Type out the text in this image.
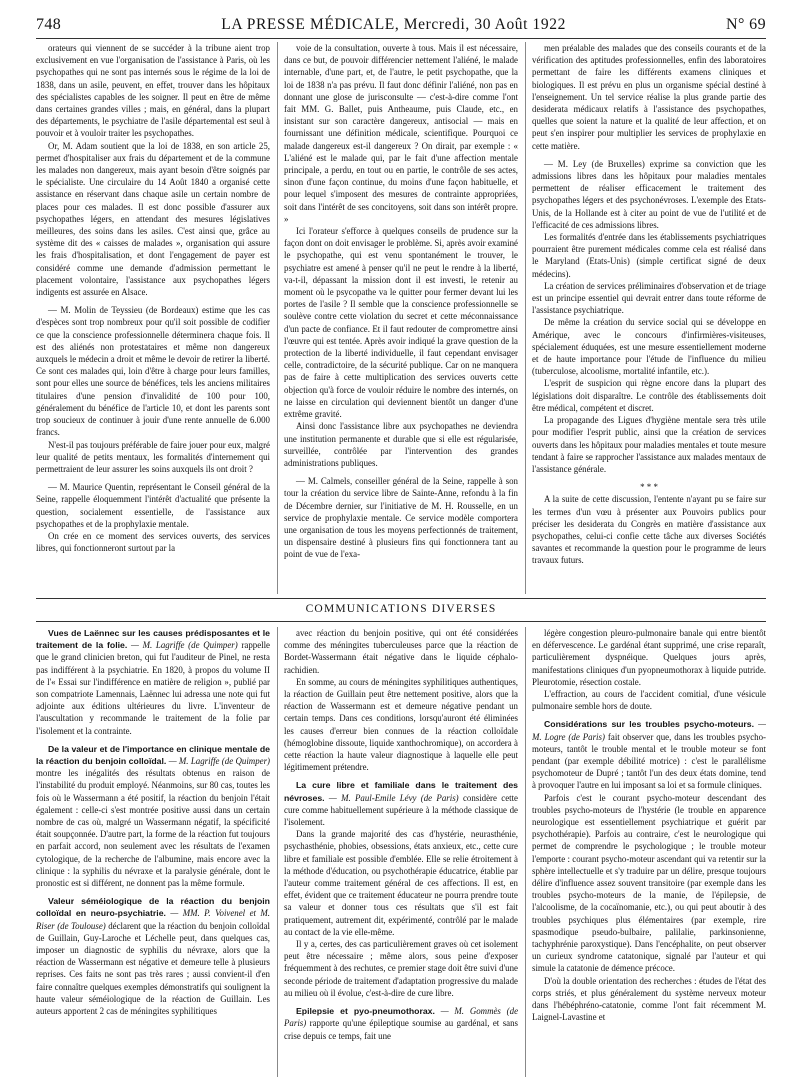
748	LA PRESSE MÉDICALE, Mercredi, 30 Août 1922	N° 69

orateurs qui viennent de se succéder à la tribune aient trop exclusivement en vue l'organisation de l'assistance à Paris, où les psychopathes qui ne sont pas internés sous le régime de la loi de 1838, dans un asile, peuvent, en effet, trouver dans les hôpitaux des spécialistes capables de les soigner. Il peut en être de même dans certaines grandes villes ; mais, en général, dans la plupart des départements, le psychiatre de l'asile départemental est seul à pouvoir et à vouloir traiter les psychopathes.

Or, M. Adam soutient que la loi de 1838, en son article 25, permet d'hospitaliser aux frais du département et de la commune les malades non dangereux, mais ayant besoin d'être soignés par le spécialiste. Une circulaire du 14 Août 1840 a organisé cette assistance en réservant dans chaque asile un certain nombre de places pour ces malades. Il est donc possible d'assurer aux psychopathes légers, en attendant des mesures législatives meilleures, des soins dans les asiles. C'est ainsi que, grâce au système dit des « caisses de malades », organisation qui assure les frais d'hospitalisation, et dont l'engagement de payer est considéré comme une demande d'admission permettant le placement volontaire, l'assistance aux psychopathes légers indigents est assurée en Alsace.

— M. Molin de Teyssieu (de Bordeaux) estime que les cas d'espèces sont trop nombreux pour qu'il soit possible de codifier ce que la conscience professionnelle déterminera chaque fois. Il est des aliénés non protestataires et même non dangereux auxquels le médecin a droit et même le devoir de retirer la liberté. Ce sont ces malades qui, loin d'être à charge pour leurs familles, sont pour elles une source de bénéfices, tels les anciens militaires titulaires d'une pension d'invalidité de 100 pour 100, généralement du bénéfice de l'article 10, et dont les parents sont trop soucieux de continuer à jouir d'une rente annuelle de 6.000 francs.

N'est-il pas toujours préférable de faire jouer pour eux, malgré leur qualité de petits mentaux, les formalités d'internement qui permettraient de leur assurer les soins auxquels ils ont droit ?

— M. Maurice Quentin, représentant le Conseil général de la Seine, rappelle éloquemment l'intérêt d'actualité que présente la question, socialement essentielle, de l'assistance aux psychopathes et de la prophylaxie mentale.

On crée en ce moment des services ouverts, des services libres, qui fonctionneront surtout par la

voie de la consultation, ouverte à tous. Mais il est nécessaire, dans ce but, de pouvoir différencier nettement l'aliéné, le malade internable, d'une part, et, de l'autre, le petit psychopathe, que la loi de 1838 n'a pas prévu. Il faut donc définir l'aliéné, non pas en donnant une glose de jurisconsulte — c'est-à-dire comme l'ont fait MM. G. Ballet, puis Antheaume, puis Claude, etc., en insistant sur son caractère dangereux, antisocial — mais en fournissant une définition médicale, scientifique. Pourquoi ce malade dangereux est-il dangereux ? On dirait, par exemple : « L'aliéné est le malade qui, par le fait d'une affection mentale principale, a perdu, en tout ou en partie, le contrôle de ses actes, sinon d'une façon continue, du moins d'une façon habituelle, et pour lequel s'imposent des mesures de contrainte appropriées, soit dans l'intérêt de ses concitoyens, soit dans son intérêt propre. »

Ici l'orateur s'efforce à quelques conseils de prudence sur la façon dont on doit envisager le problème. Si, après avoir examiné le psychopathe, qui est venu spontanément le trouver, le psychiatre est amené à penser qu'il ne peut le rendre à la liberté, va-t-il, dépassant la mission dont il est investi, le retenir au moment où le psycopathe va le quitter pour fermer devant lui les portes de l'asile ? Il semble que la conscience professionnelle se soulève contre cette violation du secret et cette méconnaissance d'un pacte de confiance. Et il faut redouter de compromettre ainsi l'œuvre qui est tentée. Après avoir indiqué la grave question de la protection de la liberté individuelle, il faut cependant envisager celle, contradictoire, de la sécurité publique. Car on ne manquera pas de faire à cette multiplication des services ouverts cette objection qu'à force de vouloir réduire le nombre des internés, on ne laisse en circulation qui deviennent bientôt un danger d'une extrême gravité.

Ainsi donc l'assistance libre aux psychopathes ne deviendra une institution permanente et durable que si elle est régularisée, surveillée, contrôlée par l'intervention des grandes administrations publiques.

— M. Calmels, conseiller général de la Seine, rappelle à son tour la création du service libre de Sainte-Anne, refondu à la fin de Décembre dernier, sur l'initiative de M. H. Rousselle, en un service de prophylaxie mentale. Ce service modèle comportera une organisation de tous les moyens perfectionnés de traitement, un dispensaire destiné à plusieurs fins qui fonctionnera tant au point de vue de l'exa-

men préalable des malades que des conseils courants et de la vérification des aptitudes professionnelles, enfin des laboratoires permettant de faire les différents examens cliniques et biologiques. Il est prévu en plus un organisme spécial destiné à l'enseignement. Un tel service réalise la plus grande partie des desiderata médicaux relatifs à l'assistance des psychopathes, quelles que soient la nature et la qualité de leur affection, et on peut s'en inspirer pour multiplier les services de prophylaxie en cette matière.

— M. Ley (de Bruxelles) exprime sa conviction que les admissions libres dans les hôpitaux pour maladies mentales permettent de réaliser efficacement le traitement des psychopathes légers et des psychonévroses. L'exemple des Etats-Unis, de la Hollande est à citer au point de vue de l'utilité et de l'efficacité de ces admissions libres.

Les formalités d'entrée dans les établissements psychiatriques pourraient être purement médicales comme cela est réalisé dans le Maryland (Etats-Unis) (simple certificat signé de deux médecins).

La création de services préliminaires d'observation et de triage est un principe essentiel qui devrait entrer dans toute réforme de l'assistance psychiatrique.

De même la création du service social qui se développe en Amérique, avec le concours d'infirmières-visiteuses, spécialement éduquées, est une mesure essentiellement moderne et de haute importance pour l'étude de l'influence du milieu (tuberculose, alcoolisme, mortalité infantile, etc.).

L'esprit de suspicion qui règne encore dans la plupart des législations doit disparaître. Le contrôle des établissements doit être médical, compétent et discret.

La propagande des Ligues d'hygiène mentale sera très utile pour modifier l'esprit public, ainsi que la création de services ouverts dans les hôpitaux pour maladies mentales et toute mesure tendant à faire se rapprocher l'assistance aux malades mentaux de l'assistance générale.

* * *

A la suite de cette discussion, l'entente n'ayant pu se faire sur les termes d'un vœu à présenter aux Pouvoirs publics pour préciser les desiderata du Congrès en matière d'assistance aux psychopathes, celui-ci confie cette tâche aux diverses Sociétés savantes et recommande la question pour le programme de leurs travaux futurs.

COMMUNICATIONS DIVERSES

Vues de Laënnec sur les causes prédisposantes et le traitement de la folie. — M. Lagriffe (de Quimper) rappelle que le grand clinicien breton, qui fut l'auditeur de Pinel, ne resta pas indifférent à la psychiatrie. En 1820, à propos du volume II de l'« Essai sur l'indifférence en matière de religion », publié par son compatriote Lamennais, Laënnec lui adressa une note qui fut adjointe aux éditions ultérieures du livre. L'inventeur de l'auscultation y recommande le traitement de la folie par l'isolement et la contrainte.

De la valeur et de l'importance en clinique mentale de la réaction du benjoin colloïdal. — M. Lagriffe (de Quimper) montre les inégalités des résultats obtenus en raison de l'instabilité du produit employé. Néanmoins, sur 80 cas, toutes les fois où le Wassermann a été positif, la réaction du benjoin l'était également : celle-ci s'est montrée positive aussi dans un certain nombre de cas où, malgré un Wassermann négatif, la spécificité était soupçonnée. D'autre part, la forme de la réaction fut toujours en parfait accord, non seulement avec les résultats de l'examen cytologique, de la recherche de l'albumine, mais encore avec la clinique : la syphilis du névraxe et la paralysie générale, dont le pronostic est si différent, ne donnent pas la même formule.

Valeur séméiologique de la réaction du benjoin colloïdal en neuro-psychiatrie. — MM. P. Voivenel et M. Riser (de Toulouse) déclarent que la réaction du benjoin colloïdal de Guillain, Guy-Laroche et Léchelle peut, dans quelques cas, imposer un diagnostic de syphilis du névraxe, alors que la réaction de Wassermann est négative et demeure telle à plusieurs reprises. Ces faits ne sont pas très rares ; aussi convient-il d'en faire connaître quelques exemples démonstratifs qui soulignent la haute valeur séméiologique de la réaction de Guillain. Les auteurs apportent 2 cas de méningites syphilitiques

avec réaction du benjoin positive, qui ont été considérées comme des méningites tuberculeuses parce que la réaction de Bordet-Wassermann était négative dans le liquide céphalo-rachidien.

En somme, au cours de méningites syphilitiques authentiques, la réaction de Guillain peut être nettement positive, alors que la réaction de Wassermann est et demeure négative pendant un certain temps. Dans ces conditions, lorsqu'auront été éliminées les causes d'erreur bien connues de la réaction colloïdale (hémoglobine dissoute, liquide xanthochromique), on accordera à cette réaction la haute valeur diagnostique à laquelle elle peut légitimement prétendre.

La cure libre et familiale dans le traitement des névroses. — M. Paul-Emile Lévy (de Paris) considère cette cure comme habituellement supérieure à la méthode classique de l'isolement.

Dans la grande majorité des cas d'hystérie, neurasthénie, psychasthénie, phobies, obsessions, états anxieux, etc., cette cure libre et familiale est possible d'emblée. Elle se relie étroitement à la méthode d'éducation, ou psychothérapie éducatrice, établie par l'auteur comme traitement général de ces affections. Il est, en effet, évident que ce traitement éducateur ne pourra prendre toute sa valeur et donner tous ces résultats que s'il est fait pratiquement, autrement dit, expérimenté, contrôlé par le malade au contact de la vie elle-même.

Il y a, certes, des cas particulièrement graves où cet isolement peut être nécessaire ; même alors, sous peine d'exposer fréquemment à des rechutes, ce premier stage doit être suivi d'une seconde période de traitement d'adaptation progressive du malade au milieu où il évolue, c'est-à-dire de cure libre.

Epilepsie et pyo-pneumothorax. — M. Gommès (de Paris) rapporte qu'une épileptique soumise au gardénal, et sans crise depuis ce temps, fait une

légère congestion pleuro-pulmonaire banale qui entre bientôt en défervescence. Le gardénal étant supprimé, une crise reparaît, particulièrement dyspnéique. Quelques jours après, manifestations cliniques d'un pyopneumothorax à liquide putride. Pleurotomie, résection costale.

L'effraction, au cours de l'accident comitial, d'une vésicule pulmonaire semble hors de doute.

Considérations sur les troubles psycho-moteurs. — M. Logre (de Paris) fait observer que, dans les troubles psycho-moteurs, tantôt le trouble mental et le trouble moteur se font pendant (par exemple débilité motrice) : c'est le parallélisme psychomoteur de Dupré ; tantôt l'un des deux états domine, tend à provoquer l'autre en lui imposant sa loi et sa formule cliniques.

Parfois c'est le courant psycho-moteur descendant des troubles psycho-moteurs de l'hystérie (le trouble en apparence neurologique est essentiellement psychiatrique et guérit par psychothérapie). Parfois au contraire, c'est le neurologique qui permet de comprendre le psychologique ; le trouble moteur l'emporte : courant psycho-moteur ascendant qui va retentir sur la sphère intellectuelle et s'y traduire par un délire, presque toujours délire d'influence assez souvent transitoire (par exemple dans les troubles psycho-moteurs de la manie, de l'épilepsie, de l'alcoolisme, de la cocaïnomanie, etc.), ou qui peut aboutir à des troubles psychiques plus élémentaires (par exemple, rire spasmodique pseudo-bulbaire, palilalie, parkinsonienne, tachyphrénie paroxystique). Dans l'encéphalite, on peut observer un curieux syndrome catatonique, signalé par l'auteur et qui simule la catatonie de démence précoce.

D'où la double orientation des recherches : études de l'état des corps striés, et plus généralement du système nerveux moteur dans l'hébéphréno-catatonie, comme l'ont fait récemment M. Laignel-Lavastine et
